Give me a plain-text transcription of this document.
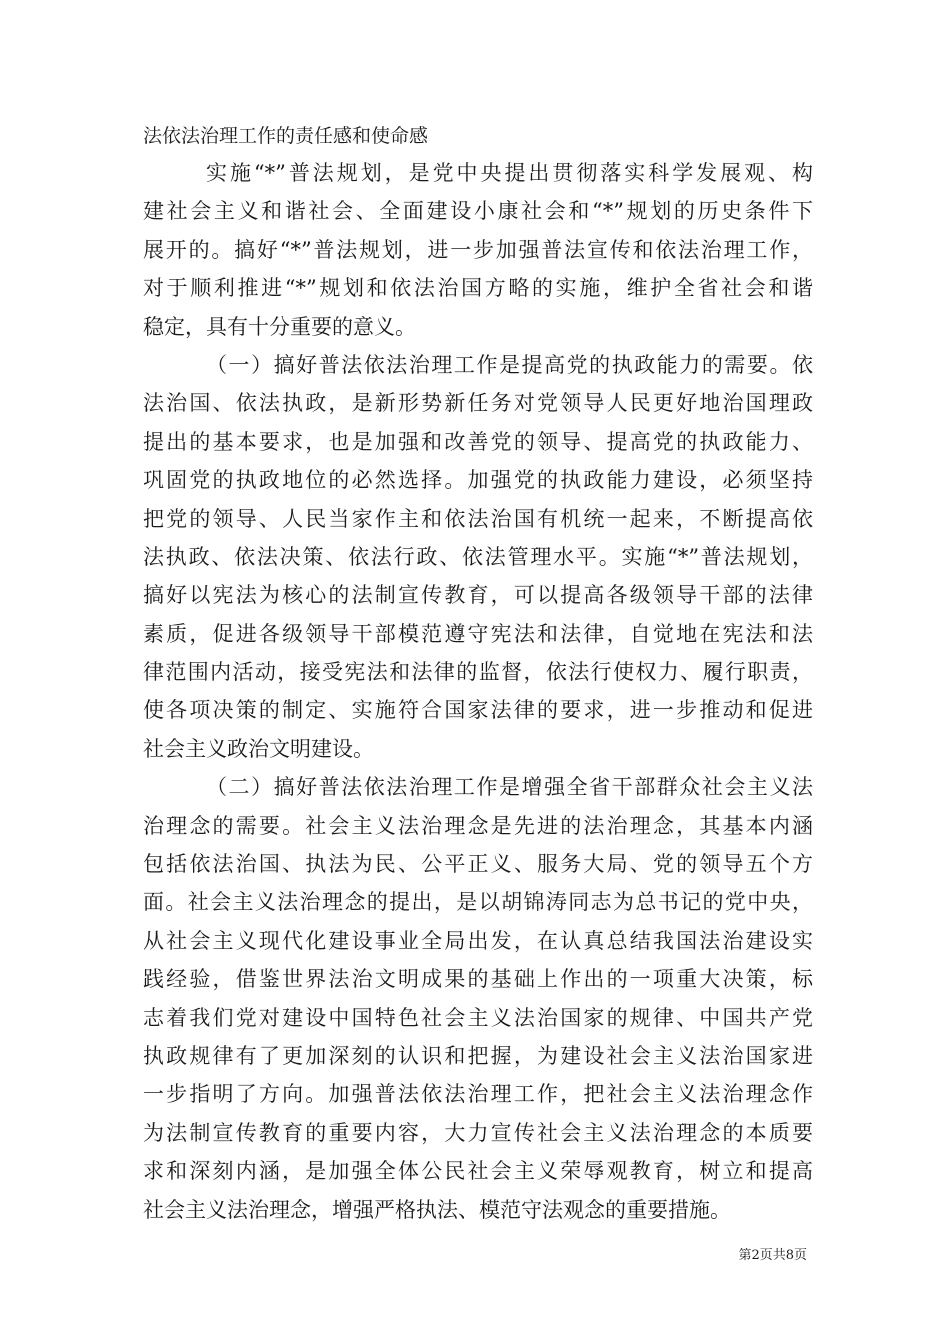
法依法治理工作的责任感和使命感

实施“*”普法规划，是党中央提出贯彻落实科学发展观、构
建社会主义和谐社会、全面建设小康社会和“*”规划的历史条件下
展开的。搞好“*”普法规划，进一步加强普法宣传和依法治理工作，
对于顺利推进“*”规划和依法治国方略的实施，维护全省社会和谐
稳定，具有十分重要的意义。
（一）搞好普法依法治理工作是提高党的执政能力的需要。依
法治国、依法执政，是新形势新任务对党领导人民更好地治国理政
提出的基本要求，也是加强和改善党的领导、提高党的执政能力、
巩固党的执政地位的必然选择。加强党的执政能力建设，必须坚持
把党的领导、人民当家作主和依法治国有机统一起来，不断提高依
法执政、依法决策、依法行政、依法管理水平。实施“*”普法规划，
搞好以宪法为核心的法制宣传教育，可以提高各级领导干部的法律
素质，促进各级领导干部模范遵守宪法和法律，自觉地在宪法和法
律范围内活动，接受宪法和法律的监督，依法行使权力、履行职责，
使各项决策的制定、实施符合国家法律的要求，进一步推动和促进
社会主义政治文明建设。
（二）搞好普法依法治理工作是增强全省干部群众社会主义法
治理念的需要。社会主义法治理念是先进的法治理念，其基本内涵
包括依法治国、执法为民、公平正义、服务大局、党的领导五个方
面。社会主义法治理念的提出，是以胡锦涛同志为总书记的党中央，
从社会主义现代化建设事业全局出发，在认真总结我国法治建设实
践经验，借鉴世界法治文明成果的基础上作出的一项重大决策，标
志着我们党对建设中国特色社会主义法治国家的规律、中国共产党
执政规律有了更加深刻的认识和把握，为建设社会主义法治国家进
一步指明了方向。加强普法依法治理工作，把社会主义法治理念作
为法制宣传教育的重要内容，大力宣传社会主义法治理念的本质要
求和深刻内涵，是加强全体公民社会主义荣辱观教育，树立和提高
社会主义法治理念，增强严格执法、模范守法观念的重要措施。
第2页共8页
